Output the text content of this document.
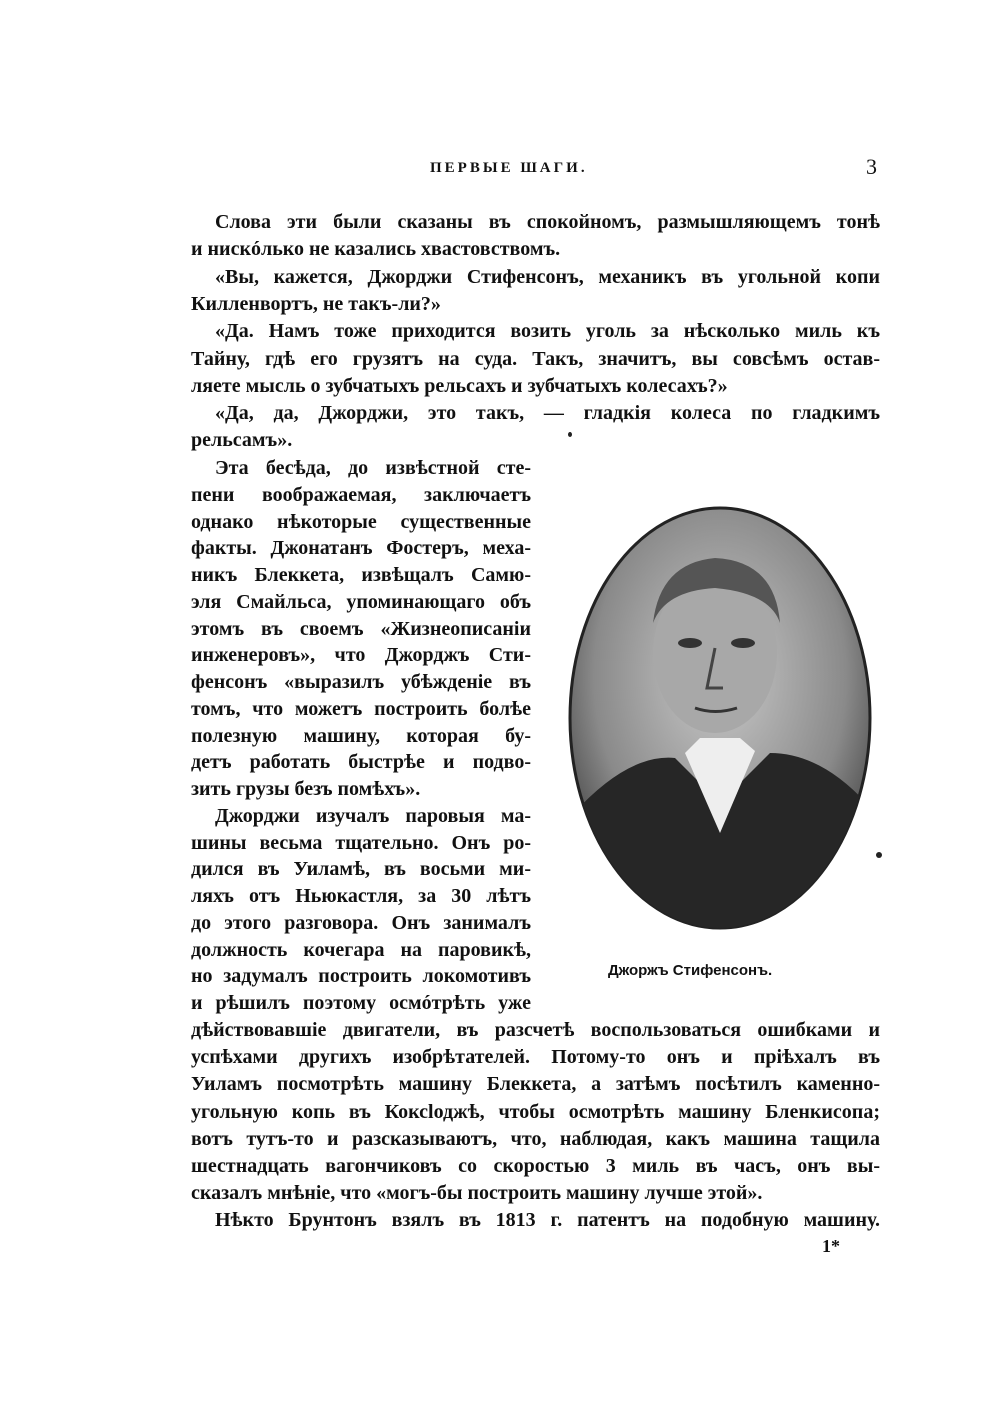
ПЕРВЫЕ ШАГИ.	3
Слова эти были сказаны въ спокойномъ, размышляющемъ тонѣ
и нискóлько не казались хвастовствомъ.
«Вы, кажется, Джорджи Стифенсонъ, механикъ въ угольной копи
Килленвортъ, не такъ-ли?»
«Да. Намъ тоже приходится возить уголь за нѣсколько миль къ
Тайну, гдѣ его грузятъ на суда. Такъ, значитъ, вы совсѣмъ остав-
ляете мысль о зубчатыхъ рельсахъ и зубчатыхъ колесахъ?»
«Да, да, Джорджи, это такъ, — гладкія колеса по гладкимъ
рельсамъ».
Эта бесѣда, до извѣстной сте-
пени воображаемая, заключаетъ
однако нѣкоторые существенные
факты. Джонатанъ Фостеръ, меха-
никъ Блеккета, извѣщалъ Самю-
эля Смайльса, упоминающаго объ
этомъ въ своемъ «Жизнеописаніи
инженеровъ», что Джорджъ Сти-
фенсонъ «выразилъ убѣжденіе въ
томъ, что можетъ построить болѣе
полезную машину, которая бу-
детъ работать быстрѣе и подво-
зить грузы безъ помѣхъ».
Джорджи изучалъ паровыя ма-
шины весьма тщательно. Онъ ро-
дился въ Уиламѣ, въ восьми ми-
ляхъ отъ Ньюкастля, за 30 лѣтъ
до этого разговора. Онъ занималъ
должность кочегара на паровикѣ,
но задумалъ построить локомотивъ
и рѣшилъ поэтому осмóтрѣть уже
дѣйствовавшіе двигатели, въ разсчетѣ воспользоваться ошибками и
успѣхами другихъ изобрѣтателей. Потому-то онъ и пріѣхалъ въ
Уиламъ посмотрѣть машину Блеккета, а затѣмъ посѣтилъ каменно-
угольную копь въ Коксlоджѣ, чтобы осмотрѣть машину Бленкисопа;
вотъ тутъ-то и разсказываютъ, что, наблюдая, какъ машина тащила
шестнадцать вагончиковъ со скоростью 3 миль въ часъ, онъ вы-
сказалъ мнѣніе, что «могъ-бы построить машину лучше этой».
Нѣкто Брунтонъ взялъ въ 1813 г. патентъ на подобную машину.
Джоржъ Стифенсонъ.
1*
